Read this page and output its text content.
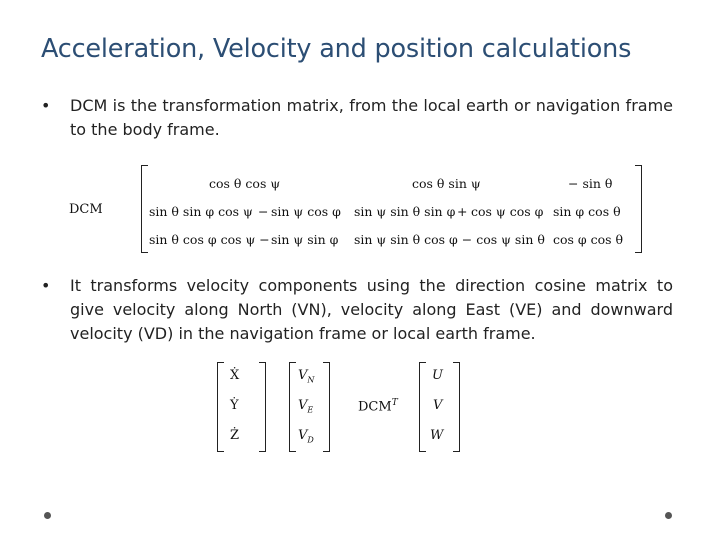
Acceleration, Velocity and position calculations
• DCM is the transformation matrix, from the local earth or navigation frame to the body frame.
DCM
cos θ cos ψ	cos θ sin ψ	− sin θ
sin θ sin φ cos ψ − sin ψ cos φ sin ψ sin θ sin φ + cos ψ cos φ sin φ cos θ
sin θ cos φ cos ψ − sin ψ sin φ sin ψ sin θ cos φ − cos ψ sin θ cos φ cos θ
• It transforms velocity components using the direction cosine matrix to give velocity along North (VN), velocity along East (VE) and downward velocity (VD) in the navigation frame or local earth frame.
Ẋ
Ẏ
Ż
$V_N$
$V_E$
$V_D$
$DCM^T$
U
V
W
